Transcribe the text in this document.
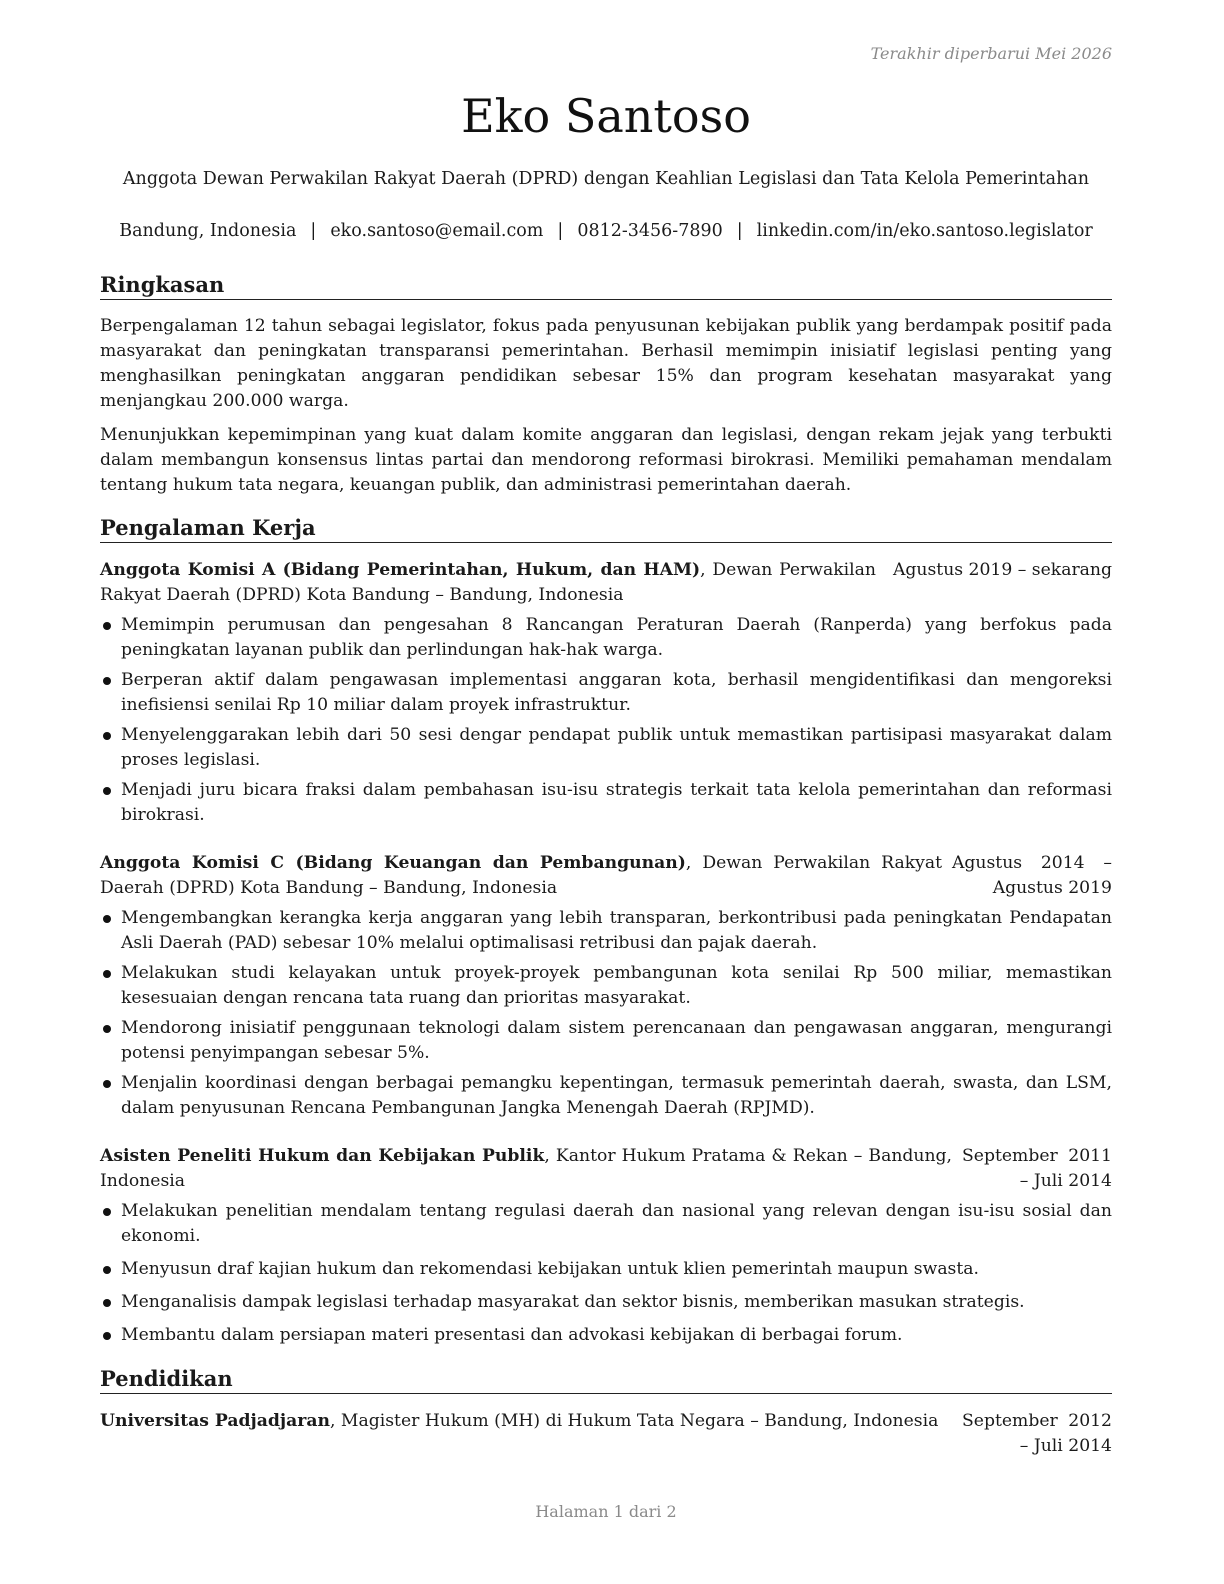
Terakhir diperbarui Mei 2026
Eko Santoso
Anggota Dewan Perwakilan Rakyat Daerah (DPRD) dengan Keahlian Legislasi dan Tata Kelola Pemerintahan
Bandung, Indonesia | eko.santoso@email.com | 0812-3456-7890 | linkedin.com/in/eko.santoso.legislator
Ringkasan
Berpengalaman 12 tahun sebagai legislator, fokus pada penyusunan kebijakan publik yang berdampak positif pada masyarakat dan peningkatan transparansi pemerintahan. Berhasil memimpin inisiatif legislasi penting yang menghasilkan peningkatan anggaran pendidikan sebesar 15% dan program kesehatan masyarakat yang menjangkau 200.000 warga.
Menunjukkan kepemimpinan yang kuat dalam komite anggaran dan legislasi, dengan rekam jejak yang terbukti dalam membangun konsensus lintas partai dan mendorong reformasi birokrasi. Memiliki pemahaman mendalam tentang hukum tata negara, keuangan publik, dan administrasi pemerintahan daerah.
Pengalaman Kerja
Anggota Komisi A (Bidang Pemerintahan, Hukum, dan HAM), Dewan Perwakilan Rakyat Daerah (DPRD) Kota Bandung – Bandung, Indonesia
Agustus 2019 – sekarang
Memimpin perumusan dan pengesahan 8 Rancangan Peraturan Daerah (Ranperda) yang berfokus pada peningkatan layanan publik dan perlindungan hak-hak warga.
Berperan aktif dalam pengawasan implementasi anggaran kota, berhasil mengidentifikasi dan mengoreksi inefisiensi senilai Rp 10 miliar dalam proyek infrastruktur.
Menyelenggarakan lebih dari 50 sesi dengar pendapat publik untuk memastikan partisipasi masyarakat dalam proses legislasi.
Menjadi juru bicara fraksi dalam pembahasan isu-isu strategis terkait tata kelola pemerintahan dan reformasi birokrasi.
Anggota Komisi C (Bidang Keuangan dan Pembangunan), Dewan Perwakilan Rakyat Daerah (DPRD) Kota Bandung – Bandung, Indonesia
Agustus 2014 – Agustus 2019
Mengembangkan kerangka kerja anggaran yang lebih transparan, berkontribusi pada peningkatan Pendapatan Asli Daerah (PAD) sebesar 10% melalui optimalisasi retribusi dan pajak daerah.
Melakukan studi kelayakan untuk proyek-proyek pembangunan kota senilai Rp 500 miliar, memastikan kesesuaian dengan rencana tata ruang dan prioritas masyarakat.
Mendorong inisiatif penggunaan teknologi dalam sistem perencanaan dan pengawasan anggaran, mengurangi potensi penyimpangan sebesar 5%.
Menjalin koordinasi dengan berbagai pemangku kepentingan, termasuk pemerintah daerah, swasta, dan LSM, dalam penyusunan Rencana Pembangunan Jangka Menengah Daerah (RPJMD).
Asisten Peneliti Hukum dan Kebijakan Publik, Kantor Hukum Pratama & Rekan – Bandung, Indonesia
September 2011 – Juli 2014
Melakukan penelitian mendalam tentang regulasi daerah dan nasional yang relevan dengan isu-isu sosial dan ekonomi.
Menyusun draf kajian hukum dan rekomendasi kebijakan untuk klien pemerintah maupun swasta.
Menganalisis dampak legislasi terhadap masyarakat dan sektor bisnis, memberikan masukan strategis.
Membantu dalam persiapan materi presentasi dan advokasi kebijakan di berbagai forum.
Pendidikan
Universitas Padjadjaran, Magister Hukum (MH) di Hukum Tata Negara – Bandung, Indonesia	September 2012 – Juli 2014
Halaman 1 dari 2
